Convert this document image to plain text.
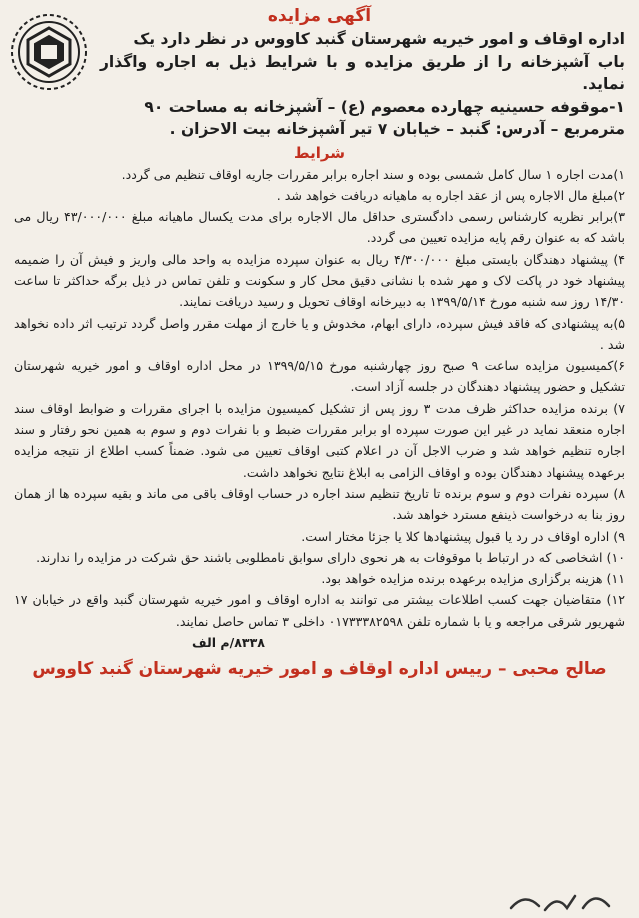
آگهی مزایده

اداره اوقاف و امور خیریه شهرستان گنبد کاووس در نظر دارد یک

باب آشپزخانه را از طریق مزایده و با شرایط ذیل به اجاره واگذار نماید.

۱-موقوفه حسینیه چهارده معصوم (ع) – آشپزخانه به مساحت ۹۰

مترمربع – آدرس: گنبد – خیابان ۷ تیر آشپزخانه بیت الاحزان .

شرایط

۱)مدت اجاره ۱ سال کامل شمسی بوده و سند اجاره برابر مقررات جاریه اوقاف تنظیم می گردد.

۲)مبلغ مال الاجاره پس از عقد اجاره به ماهیانه دریافت خواهد شد .

۳)برابر نظریه کارشناس رسمی دادگستری حداقل مال الاجاره برای مدت یکسال ماهیانه مبلغ ۴۳/۰۰۰/۰۰۰ ریال می باشد که به عنوان رقم پایه مزایده تعیین می گردد.

۴) پیشنهاد دهندگان بایستی مبلغ ۴/۳۰۰/۰۰۰ ریال به عنوان سپرده مزایده به واحد مالی واریز و فیش آن را ضمیمه پیشنهاد خود در پاکت لاک و مهر شده با نشانی دقیق محل کار و سکونت و تلفن تماس در ذیل برگه حداکثر تا ساعت ۱۴/۳۰ روز سه شنبه مورخ ۱۳۹۹/۵/۱۴ به دبیرخانه اوقاف تحویل و رسید دریافت نمایند.

۵)به پیشنهادی که فاقد فیش سپرده، دارای ابهام، مخدوش و یا خارج از مهلت مقرر واصل گردد ترتیب اثر داده نخواهد شد .

۶)کمیسیون مزایده ساعت ۹ صبح روز چهارشنبه مورخ ۱۳۹۹/۵/۱۵ در محل اداره اوقاف و امور خیریه شهرستان تشکیل و حضور پیشنهاد دهندگان در جلسه آزاد است.

۷) برنده مزایده حداکثر ظرف مدت ۳ روز پس از تشکیل کمیسیون مزایده با اجرای مقررات و ضوابط اوقاف سند اجاره منعقد نماید در غیر این صورت سپرده او برابر مقررات ضبط و با نفرات دوم و سوم به همین نحو رفتار و سند اجاره تنظیم خواهد شد و ضرب الاجل آن در اعلام کتبی اوقاف تعیین می شود. ضمناً کسب اطلاع از نتیجه مزایده برعهده پیشنهاد دهندگان بوده و اوقاف الزامی به ابلاغ نتایج نخواهد داشت.

۸) سپرده نفرات دوم و سوم برنده تا تاریخ تنظیم سند اجاره در حساب اوقاف باقی می ماند و بقیه سپرده ها از همان روز بنا به درخواست ذینفع مسترد خواهد شد.

۹) اداره اوقاف در رد یا قبول پیشنهادها کلا یا جزئا مختار است.

۱۰) اشخاصی که در ارتباط با موقوفات به هر نحوی دارای سوابق نامطلوبی باشند حق شرکت در مزایده را ندارند.

۱۱) هزینه برگزاری مزایده برعهده برنده مزایده خواهد بود.

۱۲) متقاضیان جهت کسب اطلاعات بیشتر می توانند به اداره اوقاف و امور خیریه شهرستان گنبد واقع در خیابان ۱۷ شهریور شرقی مراجعه و یا با شماره تلفن ۰۱۷۳۳۳۸۲۵۹۸ داخلی ۳ تماس حاصل نمایند.

۸۳۳۸/م الف
صالح محبی – رییس اداره اوقاف و امور خیریه شهرستان گنبد کاووس
